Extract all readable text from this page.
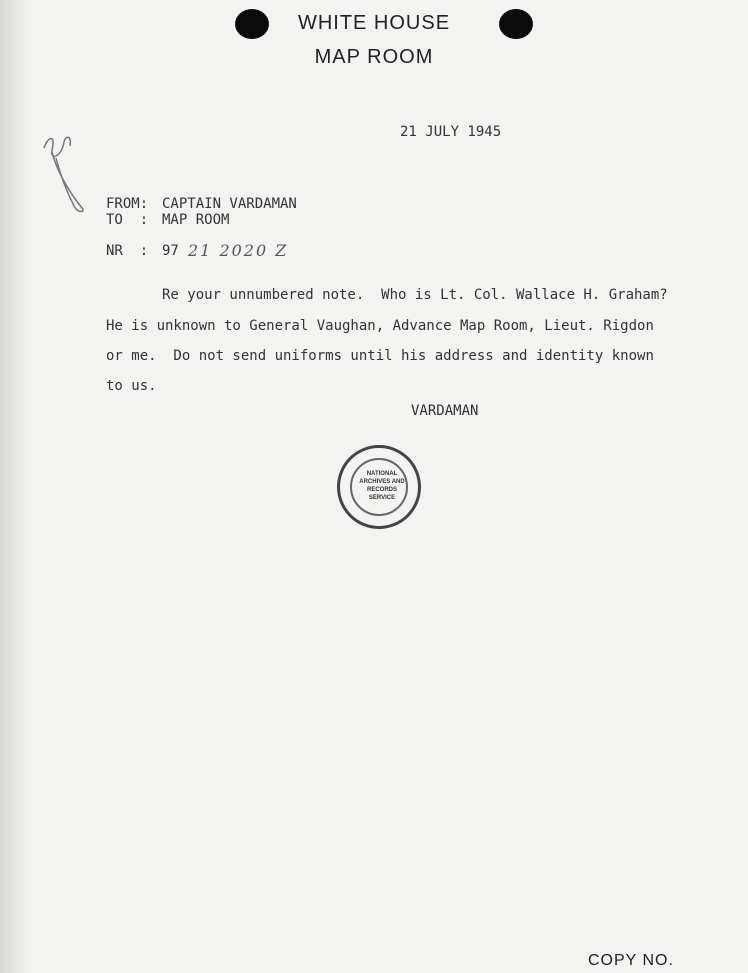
WHITE HOUSE
MAP ROOM
21 JULY 1945
FROM: CAPTAIN VARDAMAN
TO  : MAP ROOM
NR  : 97 21 2020 Z
Re your unnumbered note.  Who is Lt. Col. Wallace H. Graham?
He is unknown to General Vaughan, Advance Map Room, Lieut. Rigdon
or me.  Do not send uniforms until his address and identity known
to us.
VARDAMAN
NATIONAL
ARCHIVES AND
RECORDS
SERVICE
COPY NO.
